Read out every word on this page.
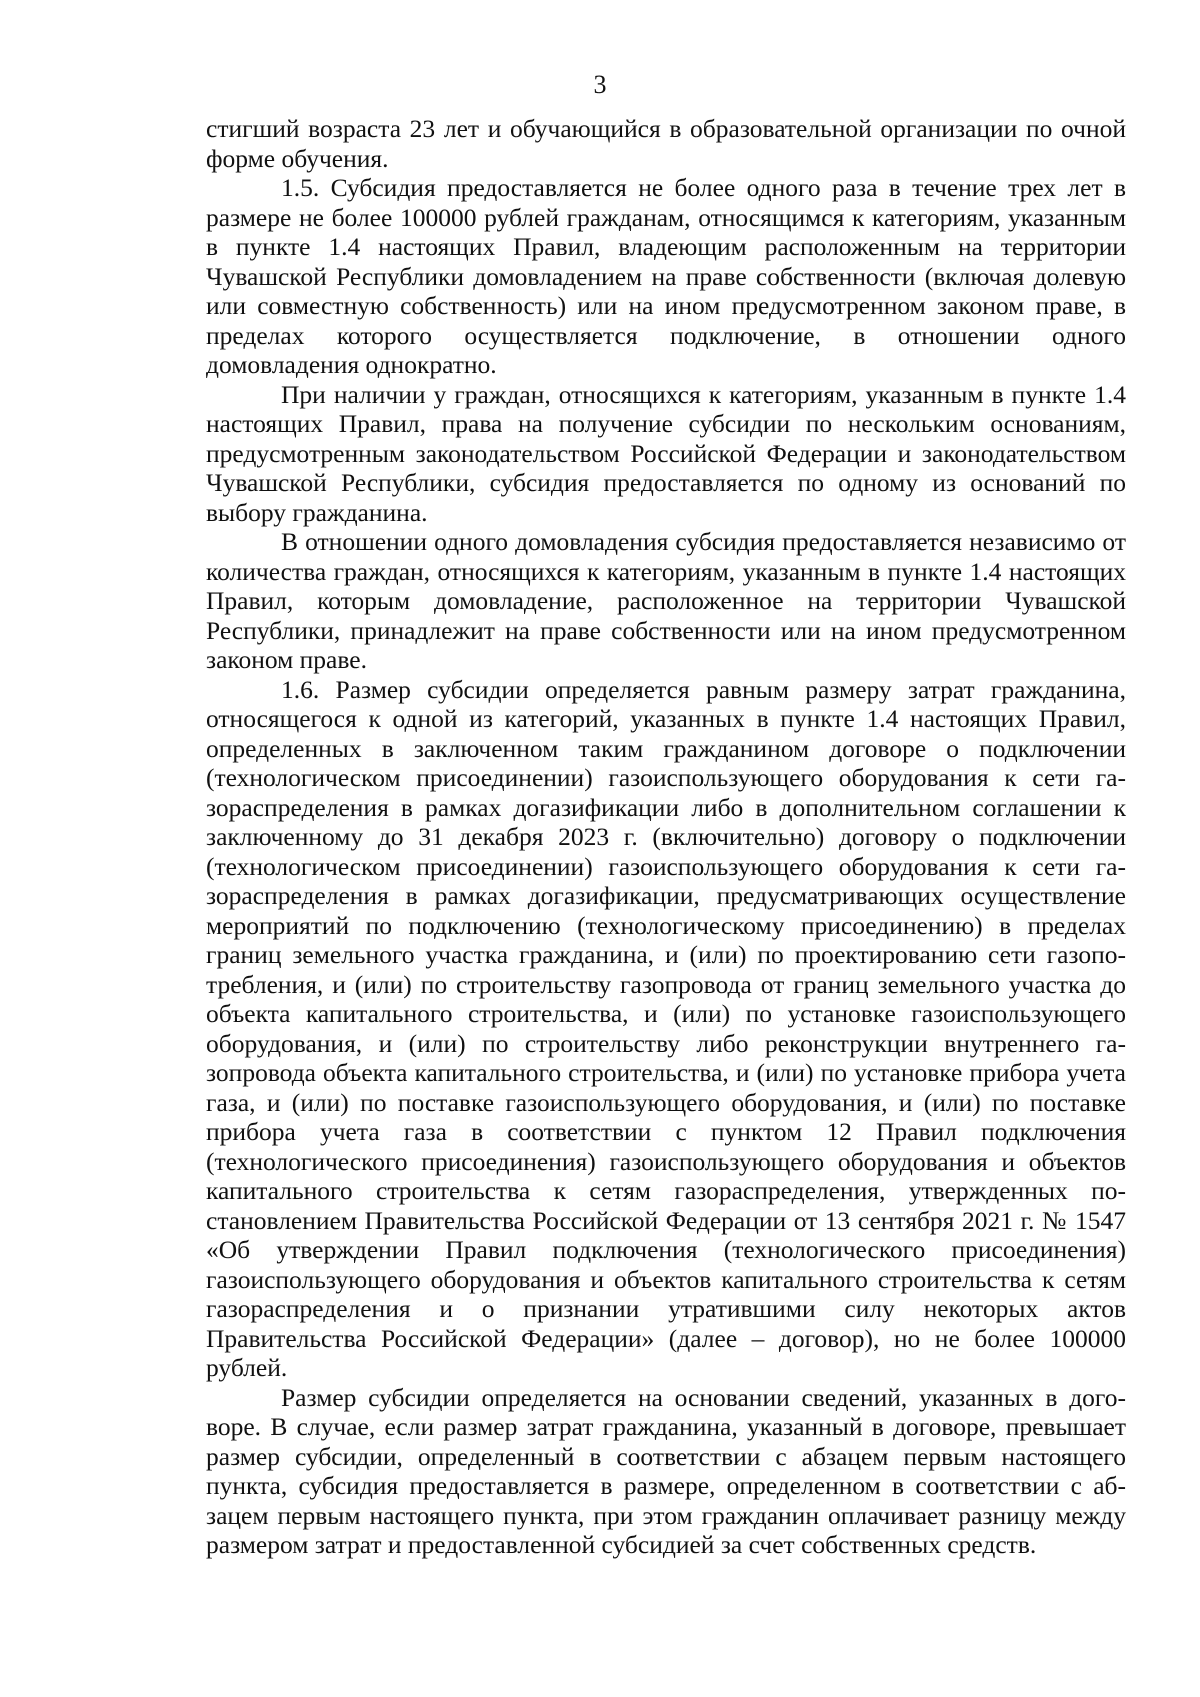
3

стигший возраста 23 лет и обучающийся в образовательной организации по очной форме обучения.

1.5. Субсидия предоставляется не более одного раза в течение трех лет в размере не более 100000 рублей гражданам, относящимся к категориям, указанным в пункте 1.4 настоящих Правил, владеющим расположенным на территории Чувашской Республики домовладением на праве собственности (включая долевую или совместную собственность) или на ином предусмотренном законом праве, в пределах которого осуществляется подключение, в отношении одного домовладения однократно.

При наличии у граждан, относящихся к категориям, указанным в пункте 1.4 настоящих Правил, права на получение субсидии по нескольким основаниям, предусмотренным законодательством Российской Федерации и законодательством Чувашской Республики, субсидия предоставляется по одному из оснований по выбору гражданина.

В отношении одного домовладения субсидия предоставляется независимо от количества граждан, относящихся к категориям, указанным в пункте 1.4 настоящих Правил, которым домовладение, расположенное на территории Чувашской Республики, принадлежит на праве собственности или на ином предусмотренном законом праве.

1.6. Размер субсидии определяется равным размеру затрат гражданина, относящегося к одной из категорий, указанных в пункте 1.4 настоящих Правил, определенных в заключенном таким гражданином договоре о подключении (технологическом присоединении) газоиспользующего оборудования к сети газораспределения в рамках догазификации либо в дополнительном соглашении к заключенному до 31 декабря 2023 г. (включительно) договору о подключении (технологическом присоединении) газоиспользующего оборудования к сети газораспределения в рамках догазификации, предусматривающих осуществление мероприятий по подключению (технологическому присоединению) в пределах границ земельного участка гражданина, и (или) по проектированию сети газопотребления, и (или) по строительству газопровода от границ земельного участка до объекта капитального строительства, и (или) по установке газоиспользующего оборудования, и (или) по строительству либо реконструкции внутреннего газопровода объекта капитального строительства, и (или) по установке прибора учета газа, и (или) по поставке газоиспользующего оборудования, и (или) по поставке прибора учета газа в соответствии с пунктом 12 Правил подключения (технологического присоединения) газоиспользующего оборудования и объектов капитального строительства к сетям газораспределения, утвержденных постановлением Правительства Российской Федерации от 13 сентября 2021 г. № 1547 «Об утверждении Правил подключения (технологического присоединения) газоиспользующего оборудования и объектов капитального строительства к сетям газораспределения и о признании утратившими силу некоторых актов Правительства Российской Федерации» (далее – договор), но не более 100000 рублей.

Размер субсидии определяется на основании сведений, указанных в договоре. В случае, если размер затрат гражданина, указанный в договоре, превышает размер субсидии, определенный в соответствии с абзацем первым настоящего пункта, субсидия предоставляется в размере, определенном в соответствии с абзацем первым настоящего пункта, при этом гражданин оплачивает разницу между размером затрат и предоставленной субсидией за счет собственных средств.
